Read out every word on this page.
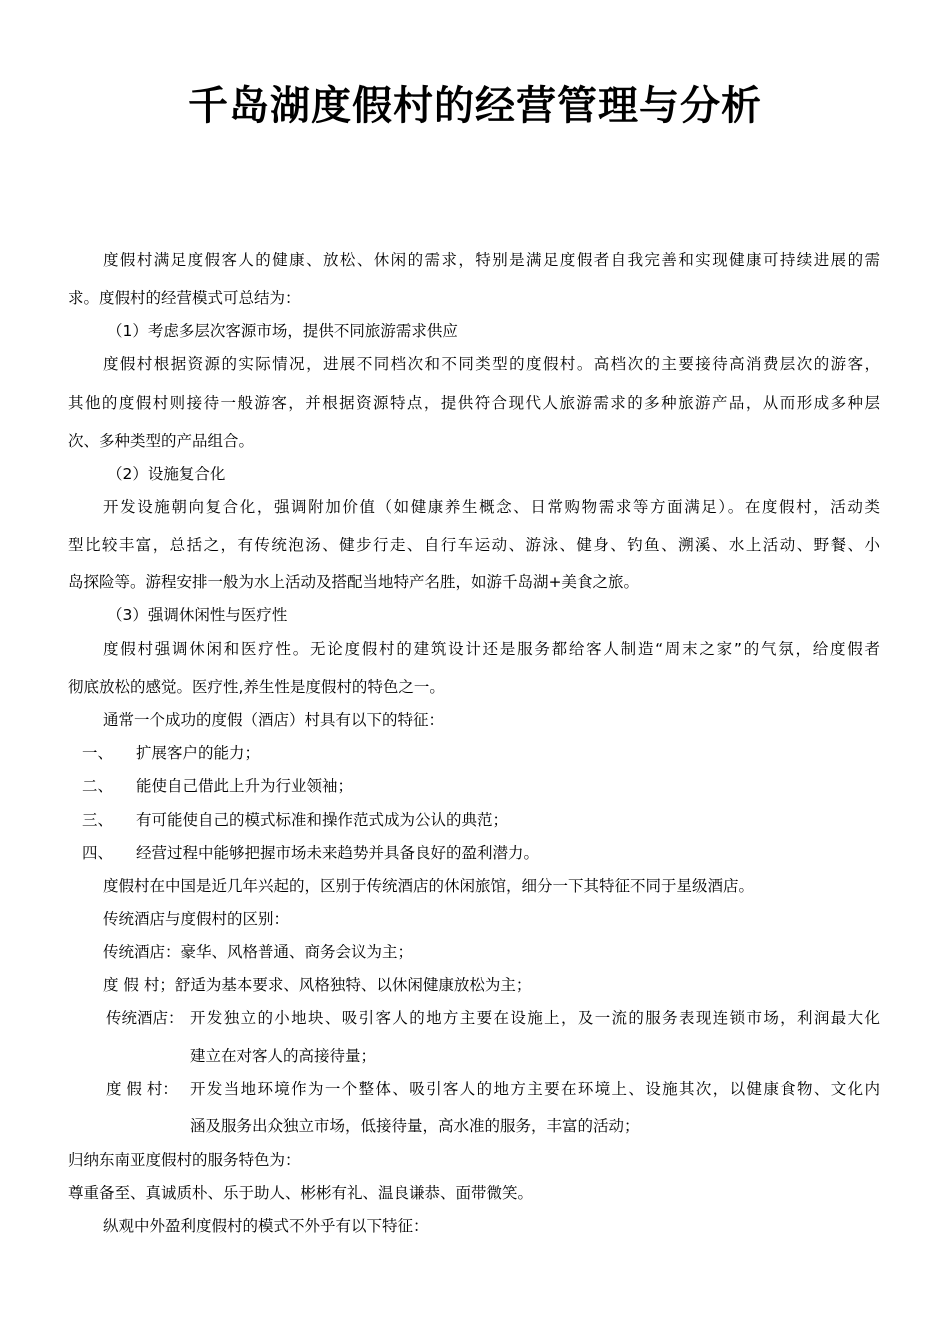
千岛湖度假村的经营管理与分析
度假村满足度假客人的健康、放松、休闲的需求，特别是满足度假者自我完善和实现健康可持续进展的需
求。度假村的经营模式可总结为：
（1）考虑多层次客源市场，提供不同旅游需求供应
度假村根据资源的实际情况，进展不同档次和不同类型的度假村。高档次的主要接待高消费层次的游客，
其他的度假村则接待一般游客，并根据资源特点，提供符合现代人旅游需求的多种旅游产品，从而形成多种层
次、多种类型的产品组合。
（2）设施复合化
开发设施朝向复合化，强调附加价值（如健康养生概念、日常购物需求等方面满足）。在度假村，活动类
型比较丰富，总括之，有传统泡汤、健步行走、自行车运动、游泳、健身、钓鱼、溯溪、水上活动、野餐、小
岛探险等。游程安排一般为水上活动及搭配当地特产名胜，如游千岛湖+美食之旅。
（3）强调休闲性与医疗性
度假村强调休闲和医疗性。无论度假村的建筑设计还是服务都给客人制造“周末之家”的气氛，给度假者
彻底放松的感觉。医疗性,养生性是度假村的特色之一。
通常一个成功的度假（酒店）村具有以下的特征：
一、 扩展客户的能力；
二、 能使自己借此上升为行业领袖；
三、 有可能使自己的模式标准和操作范式成为公认的典范；
四、 经营过程中能够把握市场未来趋势并具备良好的盈利潜力。
度假村在中国是近几年兴起的，区别于传统酒店的休闲旅馆，细分一下其特征不同于星级酒店。
传统酒店与度假村的区别：
传统酒店：豪华、风格普通、商务会议为主；
度 假 村；舒适为基本要求、风格独特、以休闲健康放松为主；
传统酒店： 开发独立的小地块、吸引客人的地方主要在设施上，及一流的服务表现连锁市场，利润最大化
建立在对客人的高接待量；
度 假 村： 开发当地环境作为一个整体、吸引客人的地方主要在环境上、设施其次，以健康食物、文化内
涵及服务出众独立市场，低接待量，高水准的服务，丰富的活动；
归纳东南亚度假村的服务特色为：
尊重备至、真诚质朴、乐于助人、彬彬有礼、温良谦恭、面带微笑。
纵观中外盈利度假村的模式不外乎有以下特征：
